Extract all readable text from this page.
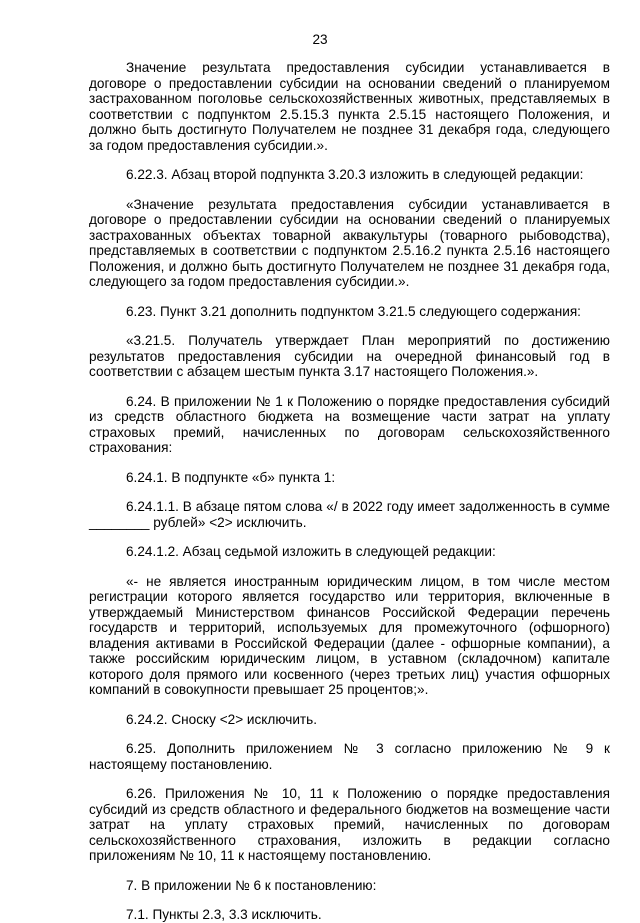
23

Значение результата предоставления субсидии устанавливается в договоре о предоставлении субсидии на основании сведений о планируемом застрахованном поголовье сельскохозяйственных животных, представляемых в соответствии с подпунктом 2.5.15.3 пункта 2.5.15 настоящего Положения, и должно быть достигнуто Получателем не позднее 31 декабря года, следующего за годом предоставления субсидии.».

6.22.3. Абзац второй подпункта 3.20.3 изложить в следующей редакции:

«Значение результата предоставления субсидии устанавливается в договоре о предоставлении субсидии на основании сведений о планируемых застрахованных объектах товарной аквакультуры (товарного рыбоводства), представляемых в соответствии с подпунктом 2.5.16.2 пункта 2.5.16 настоящего Положения, и должно быть достигнуто Получателем не позднее 31 декабря года, следующего за годом предоставления субсидии.».

6.23. Пункт 3.21 дополнить подпунктом 3.21.5 следующего содержания:

«3.21.5. Получатель утверждает План мероприятий по достижению результатов предоставления субсидии на очередной финансовый год в соответствии с абзацем шестым пункта 3.17 настоящего Положения.».

6.24. В приложении № 1 к Положению о порядке предоставления субсидий из средств областного бюджета на возмещение части затрат на уплату страховых премий, начисленных по договорам сельскохозяйственного страхования:

6.24.1. В подпункте «б» пункта 1:

6.24.1.1. В абзаце пятом слова «/ в 2022 году имеет задолженность в сумме ________ рублей» <2> исключить.

6.24.1.2. Абзац седьмой изложить в следующей редакции:

«- не является иностранным юридическим лицом, в том числе местом регистрации которого является государство или территория, включенные в утверждаемый Министерством финансов Российской Федерации перечень государств и территорий, используемых для промежуточного (офшорного) владения активами в Российской Федерации (далее - офшорные компании), а также российским юридическим лицом, в уставном (складочном) капитале которого доля прямого или косвенного (через третьих лиц) участия офшорных компаний в совокупности превышает 25 процентов;».

6.24.2. Сноску <2> исключить.

6.25. Дополнить приложением № 3 согласно приложению № 9 к настоящему постановлению.

6.26. Приложения № 10, 11 к Положению о порядке предоставления субсидий из средств областного и федерального бюджетов на возмещение части затрат на уплату страховых премий, начисленных по договорам сельскохозяйственного страхования, изложить в редакции согласно приложениям № 10, 11 к настоящему постановлению.

7. В приложении № 6 к постановлению:

7.1. Пункты 2.3, 3.3 исключить.
